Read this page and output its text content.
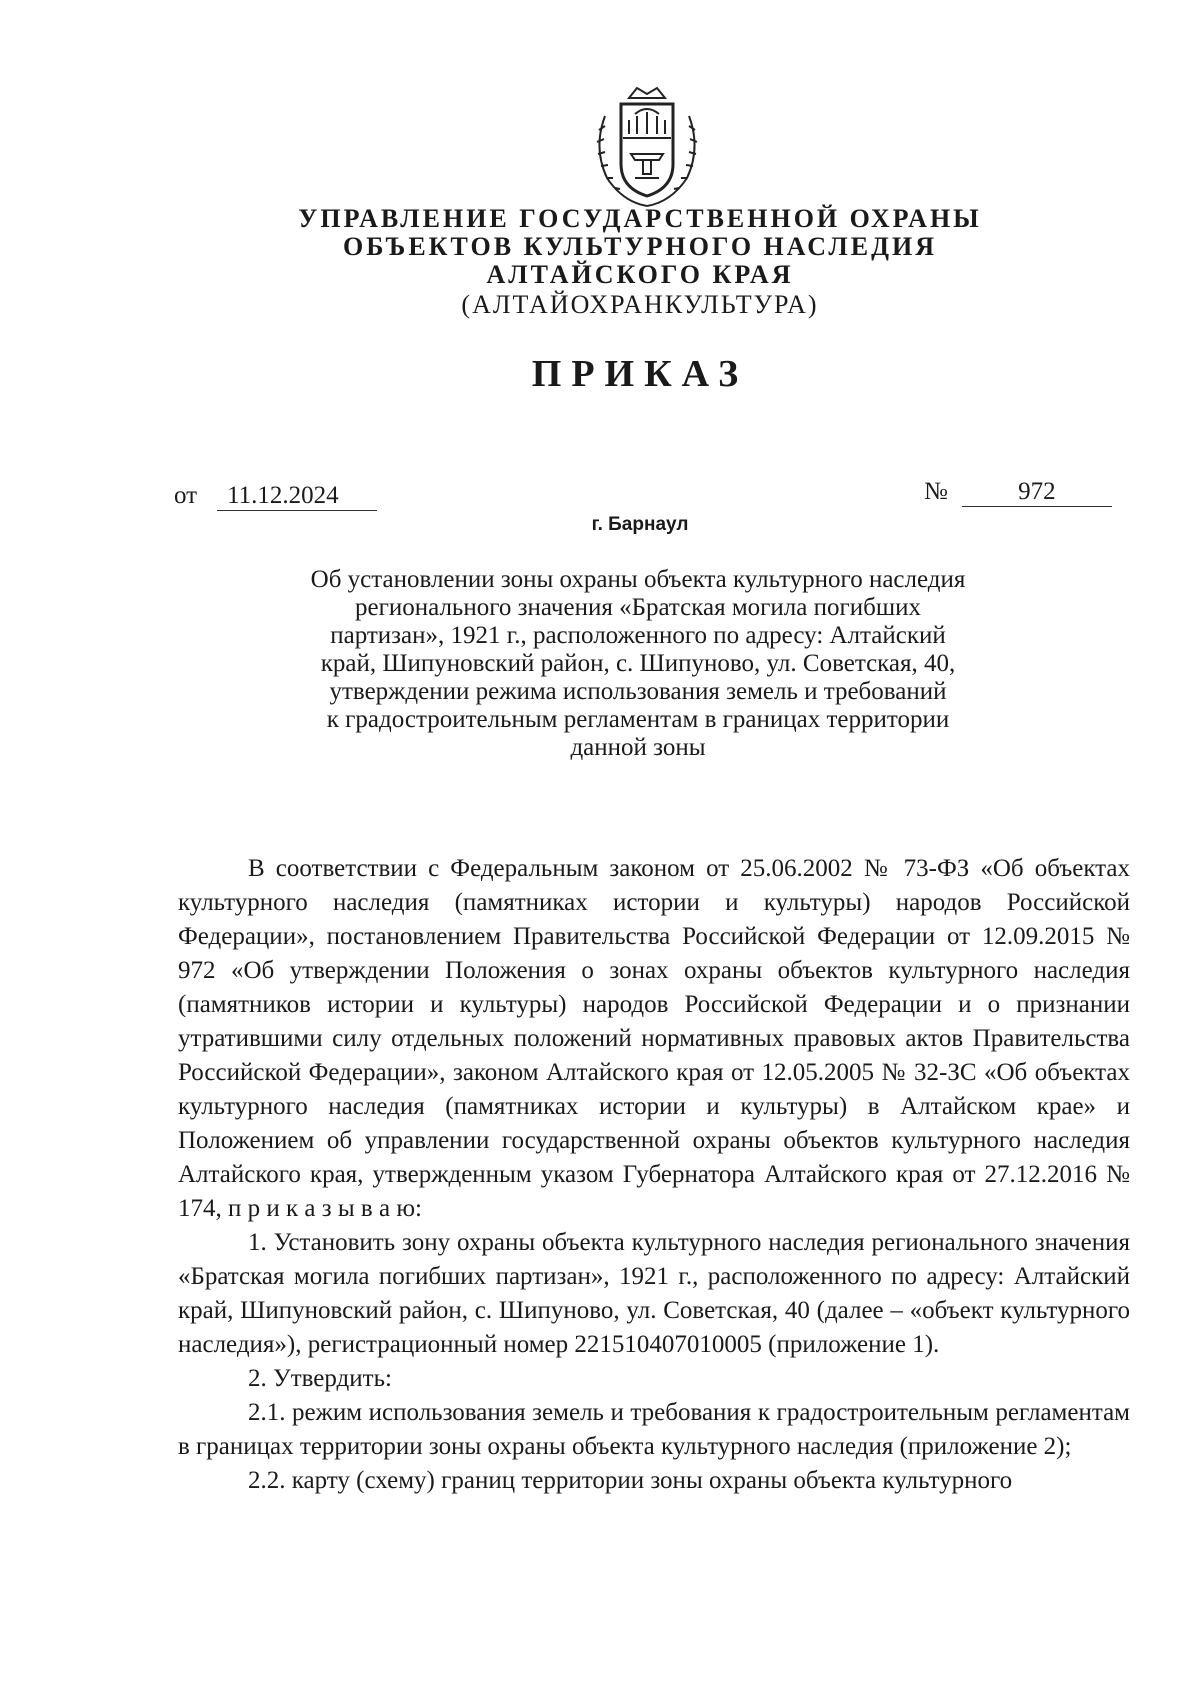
УПРАВЛЕНИЕ ГОСУДАРСТВЕННОЙ ОХРАНЫ
ОБЪЕКТОВ КУЛЬТУРНОГО НАСЛЕДИЯ
АЛТАЙСКОГО КРАЯ
(АЛТАЙОХРАНКУЛЬТУРА)
ПРИКАЗ
от 11.12.2024	№	972
г. Барнаул
Об установлении зоны охраны объекта культурного наследия
регионального значения «Братская могила погибших
партизан», 1921 г., расположенного по адресу: Алтайский
край, Шипуновский район, с. Шипуново, ул. Советская, 40,
утверждении режима использования земель и требований
к градостроительным регламентам в границах территории
данной зоны

В соответствии с Федеральным законом от 25.06.2002 № 73-ФЗ «Об объектах культурного наследия (памятниках истории и культуры) народов Российской Федерации», постановлением Правительства Российской Федерации от 12.09.2015 № 972 «Об утверждении Положения о зонах охраны объектов культурного наследия (памятников истории и культуры) народов Российской Федерации и о признании утратившими силу отдельных положений нормативных правовых актов Правительства Российской Федерации», законом Алтайского края от 12.05.2005 № 32-ЗС «Об объектах культурного наследия (памятниках истории и культуры) в Алтайском крае» и Положением об управлении государственной охраны объектов культурного наследия Алтайского края, утвержденным указом Губернатора Алтайского края от 27.12.2016 № 174, п р и к а з ы в а ю:

1. Установить зону охраны объекта культурного наследия регионального значения «Братская могила погибших партизан», 1921 г., расположенного по адресу: Алтайский край, Шипуновский район, с. Шипуново, ул. Советская, 40 (далее – «объект культурного наследия»), регистрационный номер 221510407010005 (приложение 1).

2. Утвердить:

2.1. режим использования земель и требования к градостроительным регламентам в границах территории зоны охраны объекта культурного наследия (приложение 2);

2.2. карту (схему) границ территории зоны охраны объекта культурного
